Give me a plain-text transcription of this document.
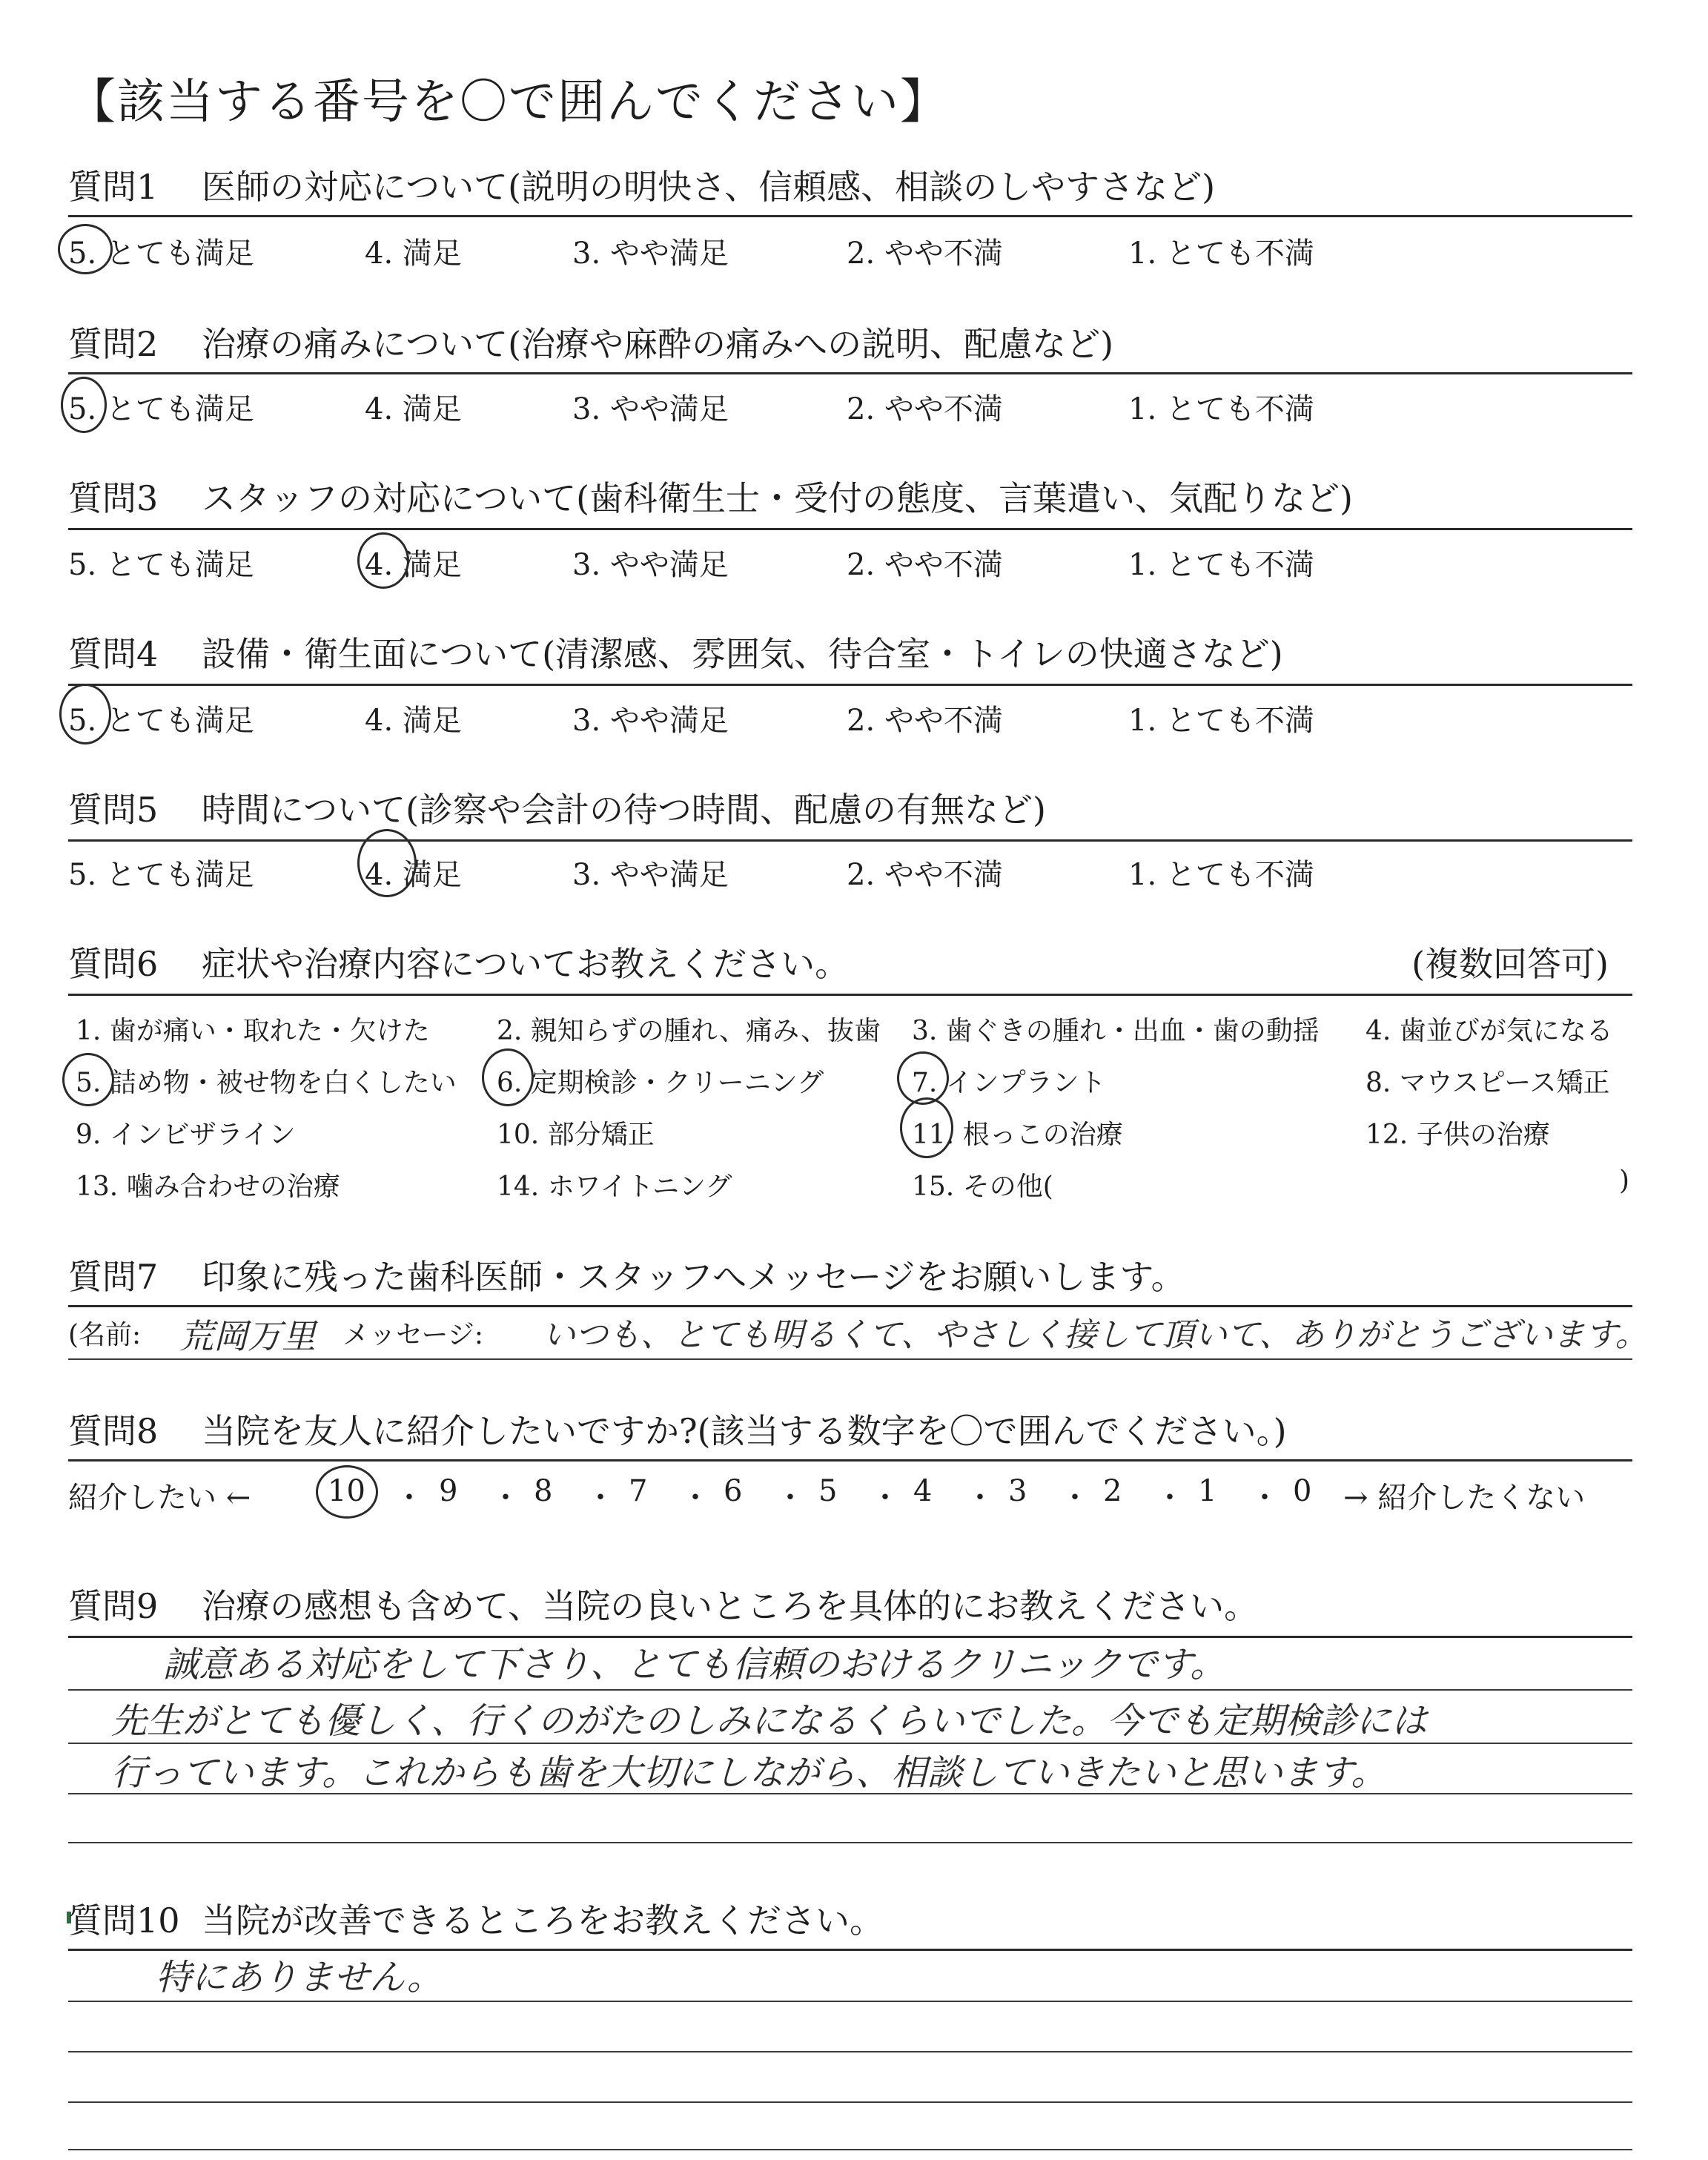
【該当する番号を〇で囲んでください】
質問1 医師の対応について(説明の明快さ、信頼感、相談のしやすさなど)
5. とても満足	4. 満足	3. やや満足	2. やや不満	1. とても不満
質問2 治療の痛みについて(治療や麻酔の痛みへの説明、配慮など)
5. とても満足	4. 満足	3. やや満足	2. やや不満	1. とても不満
質問3 スタッフの対応について(歯科衛生士・受付の態度、言葉遣い、気配りなど)
5. とても満足	4. 満足	3. やや満足	2. やや不満	1. とても不満
質問4 設備・衛生面について(清潔感、雰囲気、待合室・トイレの快適さなど)
5. とても満足	4. 満足	3. やや満足	2. やや不満	1. とても不満
質問5 時間について(診察や会計の待つ時間、配慮の有無など)
5. とても満足	4. 満足	3. やや満足	2. やや不満	1. とても不満
質問6 症状や治療内容についてお教えください。	(複数回答可)
1. 歯が痛い・取れた・欠けた	2. 親知らずの腫れ、痛み、抜歯 3. 歯ぐきの腫れ・出血・歯の動揺 4. 歯並びが気になる
5. 詰め物・被せ物を白くしたい 6. 定期検診・クリーニング	7. インプラント	8. マウスピース矯正
9. インビザライン	10. 部分矯正	11. 根っこの治療	12. 子供の治療
13. 噛み合わせの治療	14. ホワイトニング	15. その他(	)
質問7 印象に残った歯科医師・スタッフへメッセージをお願いします。
(名前: 荒岡万里 メッセージ: いつも、とても明るくて、やさしく接して頂いて、ありがとうございます。
質問8 当院を友人に紹介したいですか?(該当する数字を〇で囲んでください。)
紹介したい ←	10 ・ 9 ・ 8 ・ 7 ・ 6 ・ 5 ・ 4 ・ 3 ・ 2 ・ 1 ・ 0 → 紹介したくない
質問9 治療の感想も含めて、当院の良いところを具体的にお教えください。
誠意ある対応をして下さり、とても信頼のおけるクリニックです。
先生がとても優しく、行くのがたのしみになるくらいでした。今でも定期検診には
行っています。これからも歯を大切にしながら、相談していきたいと思います。
質問10 当院が改善できるところをお教えください。
特にありません。
